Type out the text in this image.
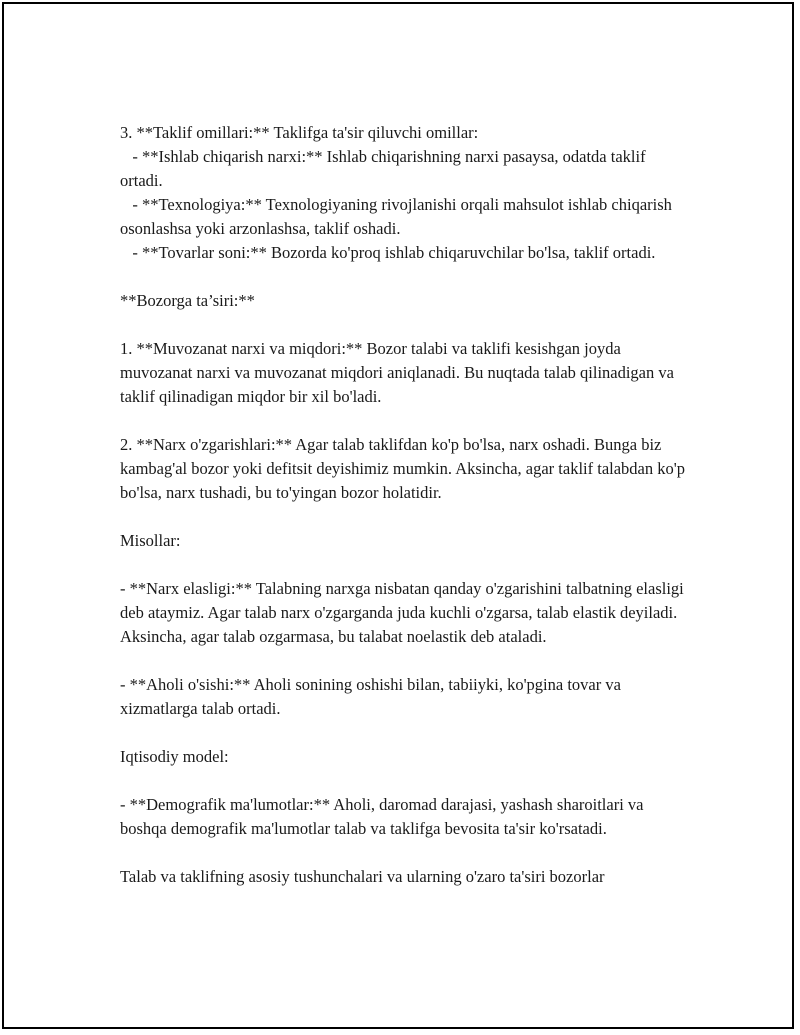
3. **Taklif omillari:** Taklifga ta'sir qiluvchi omillar:
- **Ishlab chiqarish narxi:** Ishlab chiqarishning narxi pasaysa, odatda taklif ortadi.
- **Texnologiya:** Texnologiyaning rivojlanishi orqali mahsulot ishlab chiqarish osonlashsa yoki arzonlashsa, taklif oshadi.
- **Tovarlar soni:** Bozorda ko'proq ishlab chiqaruvchilar bo'lsa, taklif ortadi.

**Bozorga ta’siri:**

1. **Muvozanat narxi va miqdori:** Bozor talabi va taklifi kesishgan joyda muvozanat narxi va muvozanat miqdori aniqlanadi. Bu nuqtada talab qilinadigan va taklif qilinadigan miqdor bir xil bo'ladi.

2. **Narx o'zgarishlari:** Agar talab taklifdan ko'p bo'lsa, narx oshadi. Bunga biz kambag'al bozor yoki defitsit deyishimiz mumkin. Aksincha, agar taklif talabdan ko'p bo'lsa, narx tushadi, bu to'yingan bozor holatidir.

Misollar:

- **Narx elasligi:** Talabning narxga nisbatan qanday o'zgarishini talbatning elasligi deb ataymiz. Agar talab narx o'zgarganda juda kuchli o'zgarsa, talab elastik deyiladi. Aksincha, agar talab ozgarmasa, bu talabat noelastik deb ataladi.

- **Aholi o'sishi:** Aholi sonining oshishi bilan, tabiiyki, ko'pgina tovar va xizmatlarga talab ortadi.

Iqtisodiy model:

- **Demografik ma'lumotlar:** Aholi, daromad darajasi, yashash sharoitlari va boshqa demografik ma'lumotlar talab va taklifga bevosita ta'sir ko'rsatadi.

Talab va taklifning asosiy tushunchalari va ularning o'zaro ta'siri bozorlar
